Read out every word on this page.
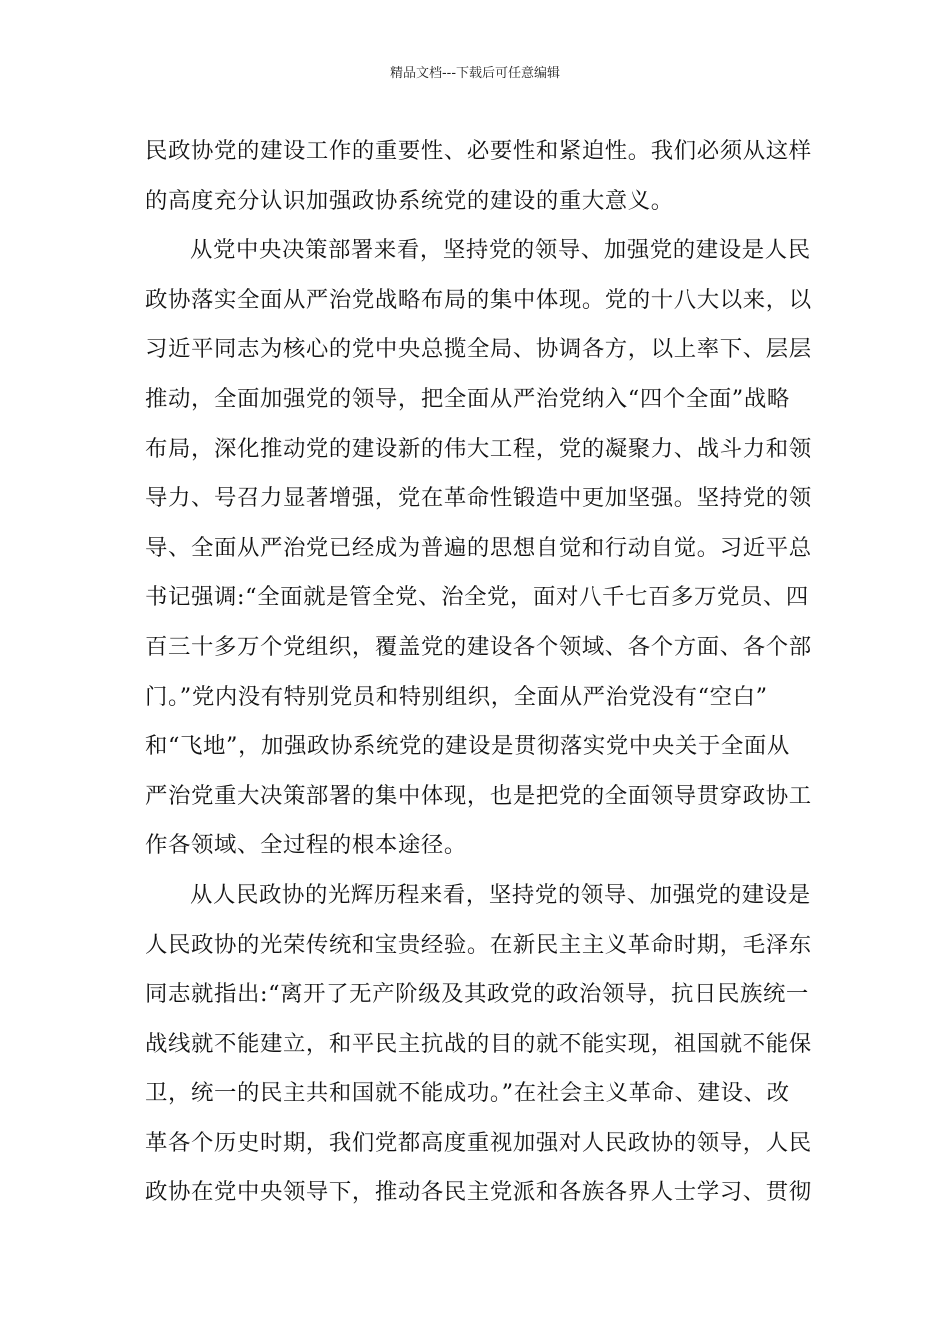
精品文档---下载后可任意编辑
民政协党的建设工作的重要性、必要性和紧迫性。我们必须从这样
的高度充分认识加强政协系统党的建设的重大意义。
从党中央决策部署来看，坚持党的领导、加强党的建设是人民
政协落实全面从严治党战略布局的集中体现。党的十八大以来，以
习近平同志为核心的党中央总揽全局、协调各方，以上率下、层层
推动，全面加强党的领导，把全面从严治党纳入“四个全面”战略
布局，深化推动党的建设新的伟大工程，党的凝聚力、战斗力和领
导力、号召力显著增强，党在革命性锻造中更加坚强。坚持党的领
导、全面从严治党已经成为普遍的思想自觉和行动自觉。习近平总
书记强调:“全面就是管全党、治全党，面对八千七百多万党员、四
百三十多万个党组织，覆盖党的建设各个领域、各个方面、各个部
门。”党内没有特别党员和特别组织，全面从严治党没有“空白”
和“飞地”，加强政协系统党的建设是贯彻落实党中央关于全面从
严治党重大决策部署的集中体现，也是把党的全面领导贯穿政协工
作各领域、全过程的根本途径。
从人民政协的光辉历程来看，坚持党的领导、加强党的建设是
人民政协的光荣传统和宝贵经验。在新民主主义革命时期，毛泽东
同志就指出:“离开了无产阶级及其政党的政治领导，抗日民族统一
战线就不能建立，和平民主抗战的目的就不能实现，祖国就不能保
卫，统一的民主共和国就不能成功。”在社会主义革命、建设、改
革各个历史时期，我们党都高度重视加强对人民政协的领导，人民
政协在党中央领导下，推动各民主党派和各族各界人士学习、贯彻
